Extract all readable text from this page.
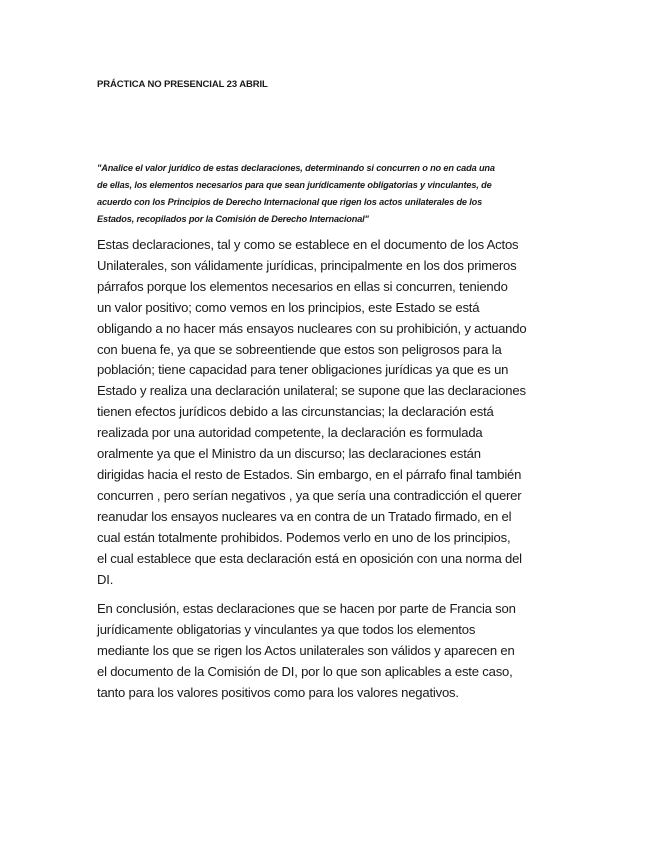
PRÁCTICA NO PRESENCIAL 23 ABRIL
"Analice el valor jurídico de estas declaraciones, determinando si concurren o no en cada una
de ellas, los elementos necesarios para que sean jurídicamente obligatorias y vinculantes, de
acuerdo con los Principios de Derecho Internacional que rigen los actos unilaterales de los
Estados, recopilados por la Comisión de Derecho Internacional"
Estas declaraciones, tal y como se establece en el documento de los Actos
Unilaterales, son válidamente jurídicas, principalmente en los dos primeros
párrafos porque los elementos necesarios en ellas si concurren, teniendo
un valor positivo; como vemos en los principios, este Estado se está
obligando a no hacer más ensayos nucleares con su prohibición, y actuando
con buena fe, ya que se sobreentiende que estos son peligrosos para la
población; tiene capacidad para tener obligaciones jurídicas ya que es un
Estado y realiza una declaración unilateral; se supone que las declaraciones
tienen efectos jurídicos debido a las circunstancias; la declaración está
realizada por una autoridad competente, la declaración es formulada
oralmente ya que el Ministro da un discurso; las declaraciones están
dirigidas hacia el resto de Estados. Sin embargo, en el párrafo final también
concurren , pero serían negativos , ya que sería una contradicción el querer
reanudar los ensayos nucleares va en contra de un Tratado firmado, en el
cual están totalmente prohibidos. Podemos verlo en uno de los principios,
el cual establece que esta declaración está en oposición con una norma del
DI.
En conclusión, estas declaraciones que se hacen por parte de Francia son
jurídicamente obligatorias y vinculantes ya que todos los elementos
mediante los que se rigen los Actos unilaterales son válidos y aparecen en
el documento de la Comisión de DI, por lo que son aplicables a este caso,
tanto para los valores positivos como para los valores negativos.
